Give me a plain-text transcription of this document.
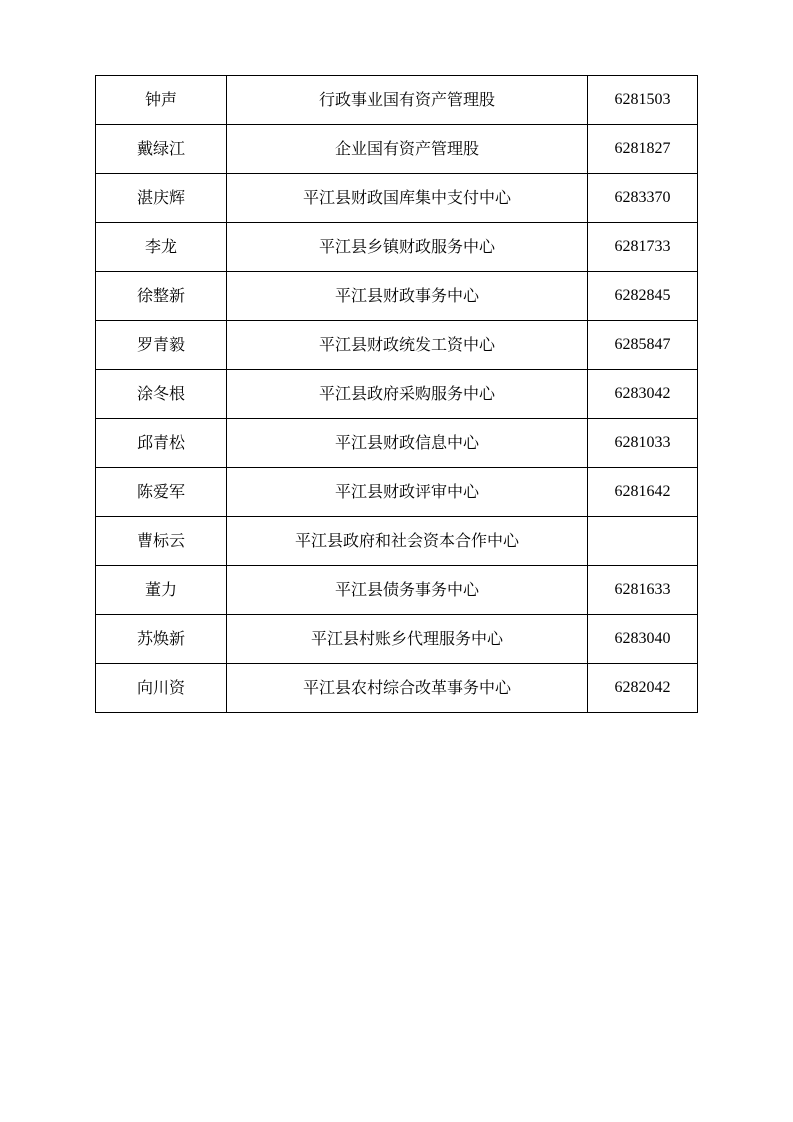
钟声	行政事业国有资产管理股	6281503
戴绿江	企业国有资产管理股	6281827
湛庆辉	平江县财政国库集中支付中心	6283370
李龙	平江县乡镇财政服务中心	6281733
徐整新	平江县财政事务中心	6282845
罗青毅	平江县财政统发工资中心	6285847
涂冬根	平江县政府采购服务中心	6283042
邱青松	平江县财政信息中心	6281033
陈爱军	平江县财政评审中心	6281642
曹标云	平江县政府和社会资本合作中心	
董力	平江县债务事务中心	6281633
苏焕新	平江县村账乡代理服务中心	6283040
向川资	平江县农村综合改革事务中心	6282042
